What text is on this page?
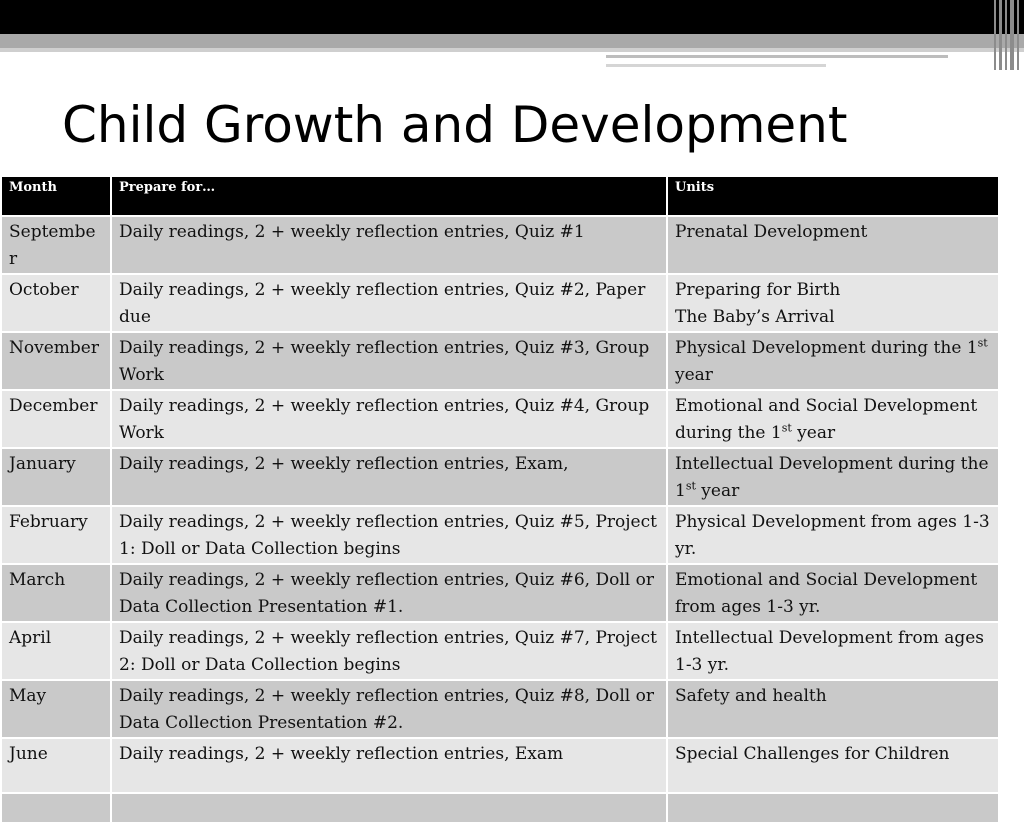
Child Growth and Development
Month	Prepare for…	Units
September	Daily readings, 2 + weekly reflection entries, Quiz #1	Prenatal Development

October	Daily readings, 2 + weekly reflection entries, Quiz #2, Paper due	Preparing for Birth
The Baby’s Arrival

November	Daily readings, 2 + weekly reflection entries, Quiz #3, Group Work	Physical Development during the 1st year

December	Daily readings, 2 + weekly reflection entries, Quiz #4, Group Work	Emotional and Social Development during the 1st year

January	Daily readings, 2 + weekly reflection entries, Exam,	Intellectual Development during the 1st year

February	Daily readings, 2 + weekly reflection entries, Quiz #5, Project 1: Doll or Data Collection begins	Physical Development from ages 1-3 yr.

March	Daily readings, 2 + weekly reflection entries, Quiz #6, Doll or Data Collection Presentation #1.	Emotional and Social Development from ages 1-3 yr.

April	Daily readings, 2 + weekly reflection entries, Quiz #7, Project 2: Doll or Data Collection begins	Intellectual Development from ages 1-3 yr.

May	Daily readings, 2 + weekly reflection entries, Quiz #8, Doll or Data Collection Presentation #2.	Safety and health

June	Daily readings, 2 + weekly reflection entries, Exam	Special Challenges for Children
